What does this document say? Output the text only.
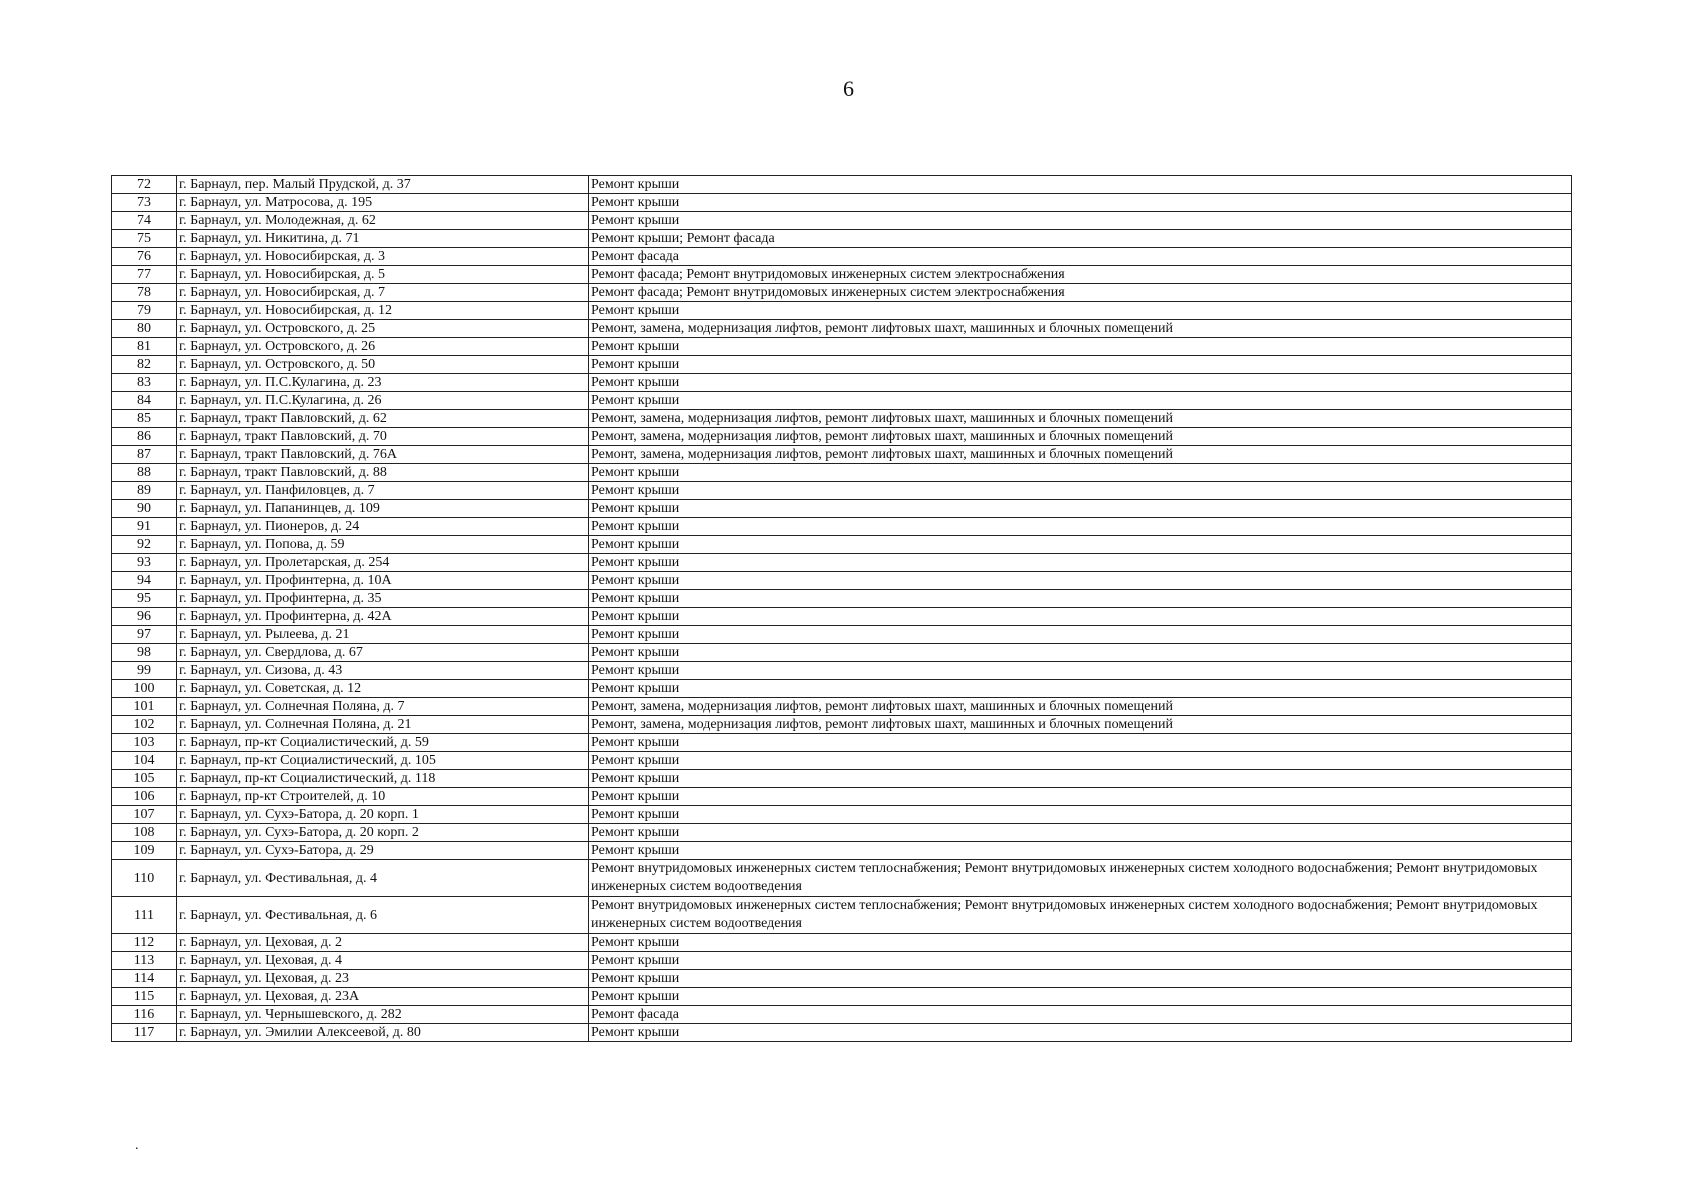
6
72	г. Барнаул, пер. Малый Прудской, д. 37	Ремонт крыши
73	г. Барнаул, ул. Матросова, д. 195	Ремонт крыши
74	г. Барнаул, ул. Молодежная, д. 62	Ремонт крыши
75	г. Барнаул, ул. Никитина, д. 71	Ремонт крыши; Ремонт фасада
76	г. Барнаул, ул. Новосибирская, д. 3	Ремонт фасада
77	г. Барнаул, ул. Новосибирская, д. 5	Ремонт фасада; Ремонт внутридомовых инженерных систем электроснабжения
78	г. Барнаул, ул. Новосибирская, д. 7	Ремонт фасада; Ремонт внутридомовых инженерных систем электроснабжения
79	г. Барнаул, ул. Новосибирская, д. 12	Ремонт крыши
80	г. Барнаул, ул. Островского, д. 25	Ремонт, замена, модернизация лифтов, ремонт лифтовых шахт, машинных и блочных помещений
81	г. Барнаул, ул. Островского, д. 26	Ремонт крыши
82	г. Барнаул, ул. Островского, д. 50	Ремонт крыши
83	г. Барнаул, ул. П.С.Кулагина, д. 23	Ремонт крыши
84	г. Барнаул, ул. П.С.Кулагина, д. 26	Ремонт крыши
85	г. Барнаул, тракт Павловский, д. 62	Ремонт, замена, модернизация лифтов, ремонт лифтовых шахт, машинных и блочных помещений
86	г. Барнаул, тракт Павловский, д. 70	Ремонт, замена, модернизация лифтов, ремонт лифтовых шахт, машинных и блочных помещений
87	г. Барнаул, тракт Павловский, д. 76А	Ремонт, замена, модернизация лифтов, ремонт лифтовых шахт, машинных и блочных помещений
88	г. Барнаул, тракт Павловский, д. 88	Ремонт крыши
89	г. Барнаул, ул. Панфиловцев, д. 7	Ремонт крыши
90	г. Барнаул, ул. Папанинцев, д. 109	Ремонт крыши
91	г. Барнаул, ул. Пионеров, д. 24	Ремонт крыши
92	г. Барнаул, ул. Попова, д. 59	Ремонт крыши
93	г. Барнаул, ул. Пролетарская, д. 254	Ремонт крыши
94	г. Барнаул, ул. Профинтерна, д. 10А	Ремонт крыши
95	г. Барнаул, ул. Профинтерна, д. 35	Ремонт крыши
96	г. Барнаул, ул. Профинтерна, д. 42А	Ремонт крыши
97	г. Барнаул, ул. Рылеева, д. 21	Ремонт крыши
98	г. Барнаул, ул. Свердлова, д. 67	Ремонт крыши
99	г. Барнаул, ул. Сизова, д. 43	Ремонт крыши
100	г. Барнаул, ул. Советская, д. 12	Ремонт крыши
101	г. Барнаул, ул. Солнечная Поляна, д. 7	Ремонт, замена, модернизация лифтов, ремонт лифтовых шахт, машинных и блочных помещений
102	г. Барнаул, ул. Солнечная Поляна, д. 21	Ремонт, замена, модернизация лифтов, ремонт лифтовых шахт, машинных и блочных помещений
103	г. Барнаул, пр-кт Социалистический, д. 59	Ремонт крыши
104	г. Барнаул, пр-кт Социалистический, д. 105	Ремонт крыши
105	г. Барнаул, пр-кт Социалистический, д. 118	Ремонт крыши
106	г. Барнаул, пр-кт Строителей, д. 10	Ремонт крыши
107	г. Барнаул, ул. Сухэ-Батора, д. 20 корп. 1	Ремонт крыши
108	г. Барнаул, ул. Сухэ-Батора, д. 20 корп. 2	Ремонт крыши
109	г. Барнаул, ул. Сухэ-Батора, д. 29	Ремонт крыши
110	г. Барнаул, ул. Фестивальная, д. 4	Ремонт внутридомовых инженерных систем теплоснабжения; Ремонт внутридомовых инженерных систем холодного водоснабжения; Ремонт внутридомовых инженерных систем водоотведения
111	г. Барнаул, ул. Фестивальная, д. 6	Ремонт внутридомовых инженерных систем теплоснабжения; Ремонт внутридомовых инженерных систем холодного водоснабжения; Ремонт внутридомовых инженерных систем водоотведения
112	г. Барнаул, ул. Цеховая, д. 2	Ремонт крыши
113	г. Барнаул, ул. Цеховая, д. 4	Ремонт крыши
114	г. Барнаул, ул. Цеховая, д. 23	Ремонт крыши
115	г. Барнаул, ул. Цеховая, д. 23А	Ремонт крыши
116	г. Барнаул, ул. Чернышевского, д. 282	Ремонт фасада
117	г. Барнаул, ул. Эмилии Алексеевой, д. 80	Ремонт крыши
.
